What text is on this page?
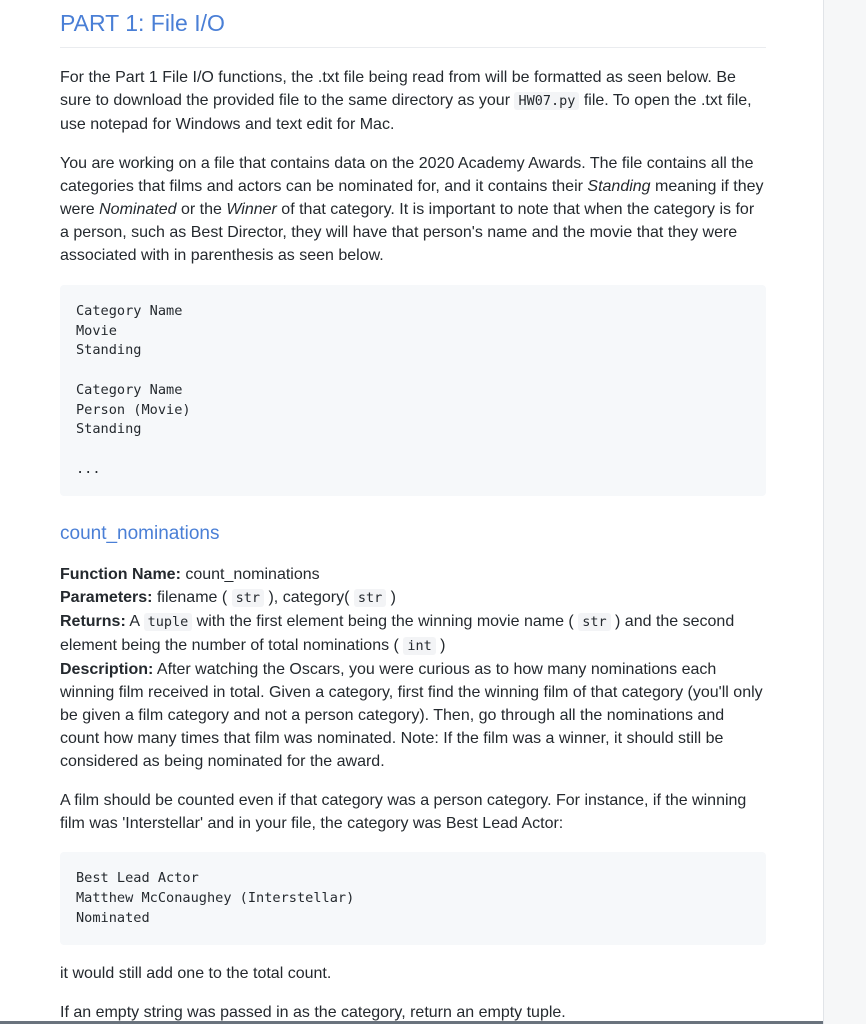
PART 1: File I/O

For the Part 1 File I/O functions, the .txt file being read from will be formatted as seen below. Be sure to download the provided file to the same directory as your HW07.py file. To open the .txt file, use notepad for Windows and text edit for Mac.

You are working on a file that contains data on the 2020 Academy Awards. The file contains all the categories that films and actors can be nominated for, and it contains their Standing meaning if they were Nominated or the Winner of that category. It is important to note that when the category is for a person, such as Best Director, they will have that person's name and the movie that they were associated with in parenthesis as seen below.

Category Name
Movie
Standing

Category Name
Person (Movie)
Standing

...
count_nominations

Function Name: count_nominations

Parameters: filename ( str ), category( str )

Returns: A tuple with the first element being the winning movie name ( str ) and the second element being the number of total nominations ( int )

Description: After watching the Oscars, you were curious as to how many nominations each winning film received in total. Given a category, first find the winning film of that category (you'll only be given a film category and not a person category). Then, go through all the nominations and count how many times that film was nominated. Note: If the film was a winner, it should still be considered as being nominated for the award.

A film should be counted even if that category was a person category. For instance, if the winning film was 'Interstellar' and in your file, the category was Best Lead Actor:

Best Lead Actor
Matthew McConaughey (Interstellar)
Nominated

it would still add one to the total count.

If an empty string was passed in as the category, return an empty tuple.
